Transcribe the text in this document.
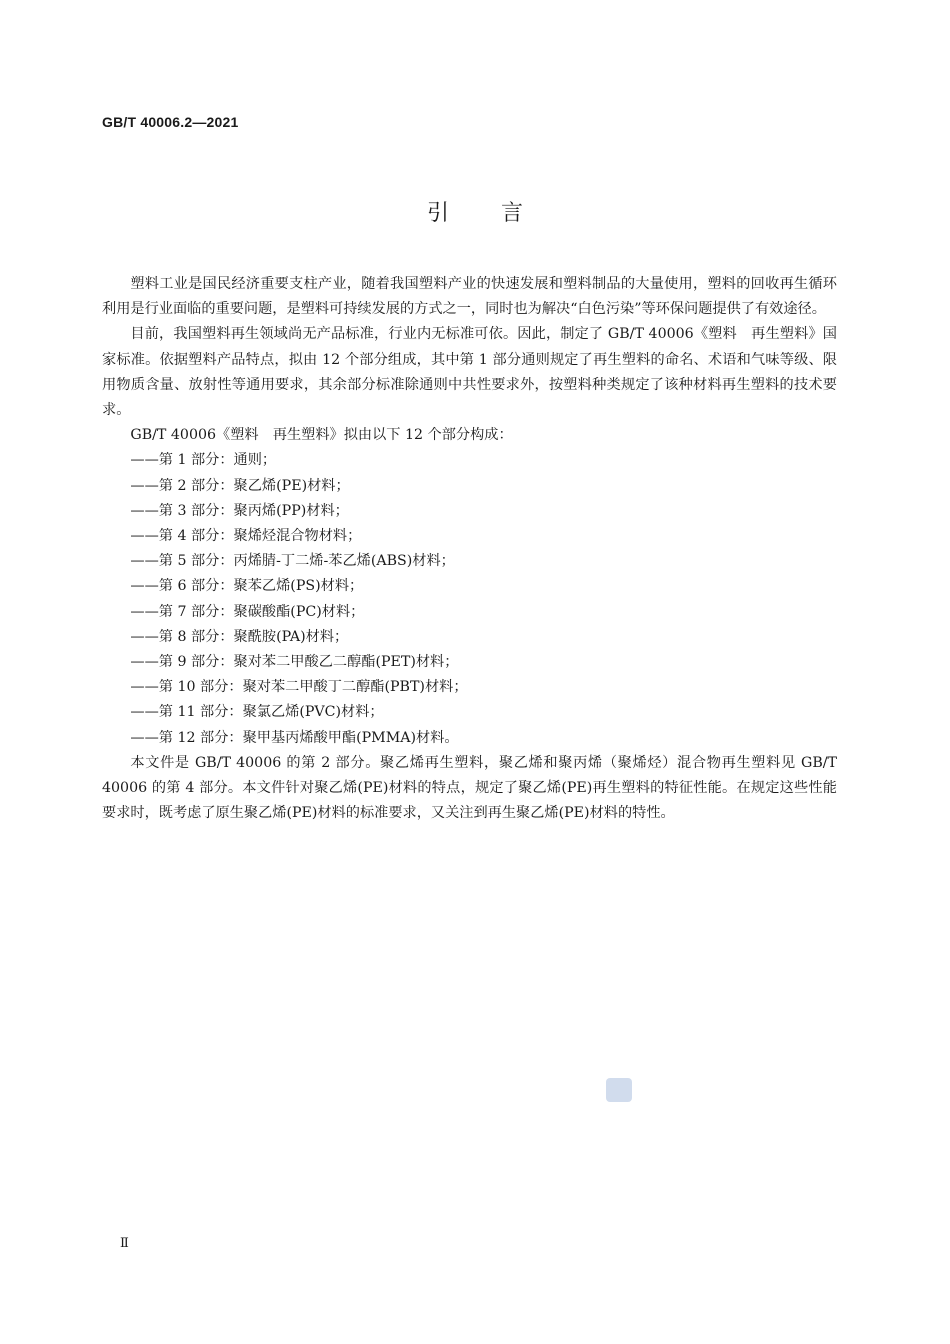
GB/T 40006.2—2021
引言

塑料工业是国民经济重要支柱产业，随着我国塑料产业的快速发展和塑料制品的大量使用，塑料的回收再生循环利用是行业面临的重要问题，是塑料可持续发展的方式之一，同时也为解决“白色污染”等环保问题提供了有效途径。

目前，我国塑料再生领域尚无产品标准，行业内无标准可依。因此，制定了 GB/T 40006《塑料　再生塑料》国家标准。依据塑料产品特点，拟由 12 个部分组成，其中第 1 部分通则规定了再生塑料的命名、术语和气味等级、限用物质含量、放射性等通用要求，其余部分标准除通则中共性要求外，按塑料种类规定了该种材料再生塑料的技术要求。

GB/T 40006《塑料　再生塑料》拟由以下 12 个部分构成：

——第 1 部分：通则；
——第 2 部分：聚乙烯(PE)材料；
——第 3 部分：聚丙烯(PP)材料；
——第 4 部分：聚烯烃混合物材料；
——第 5 部分：丙烯腈-丁二烯-苯乙烯(ABS)材料；
——第 6 部分：聚苯乙烯(PS)材料；
——第 7 部分：聚碳酸酯(PC)材料；
——第 8 部分：聚酰胺(PA)材料；
——第 9 部分：聚对苯二甲酸乙二醇酯(PET)材料；
——第 10 部分：聚对苯二甲酸丁二醇酯(PBT)材料；
——第 11 部分：聚氯乙烯(PVC)材料；
——第 12 部分：聚甲基丙烯酸甲酯(PMMA)材料。

本文件是 GB/T 40006 的第 2 部分。聚乙烯再生塑料，聚乙烯和聚丙烯（聚烯烃）混合物再生塑料见 GB/T 40006 的第 4 部分。本文件针对聚乙烯(PE)材料的特点，规定了聚乙烯(PE)再生塑料的特征性能。在规定这些性能要求时，既考虑了原生聚乙烯(PE)材料的标准要求，又关注到再生聚乙烯(PE)材料的特性。

Ⅱ
